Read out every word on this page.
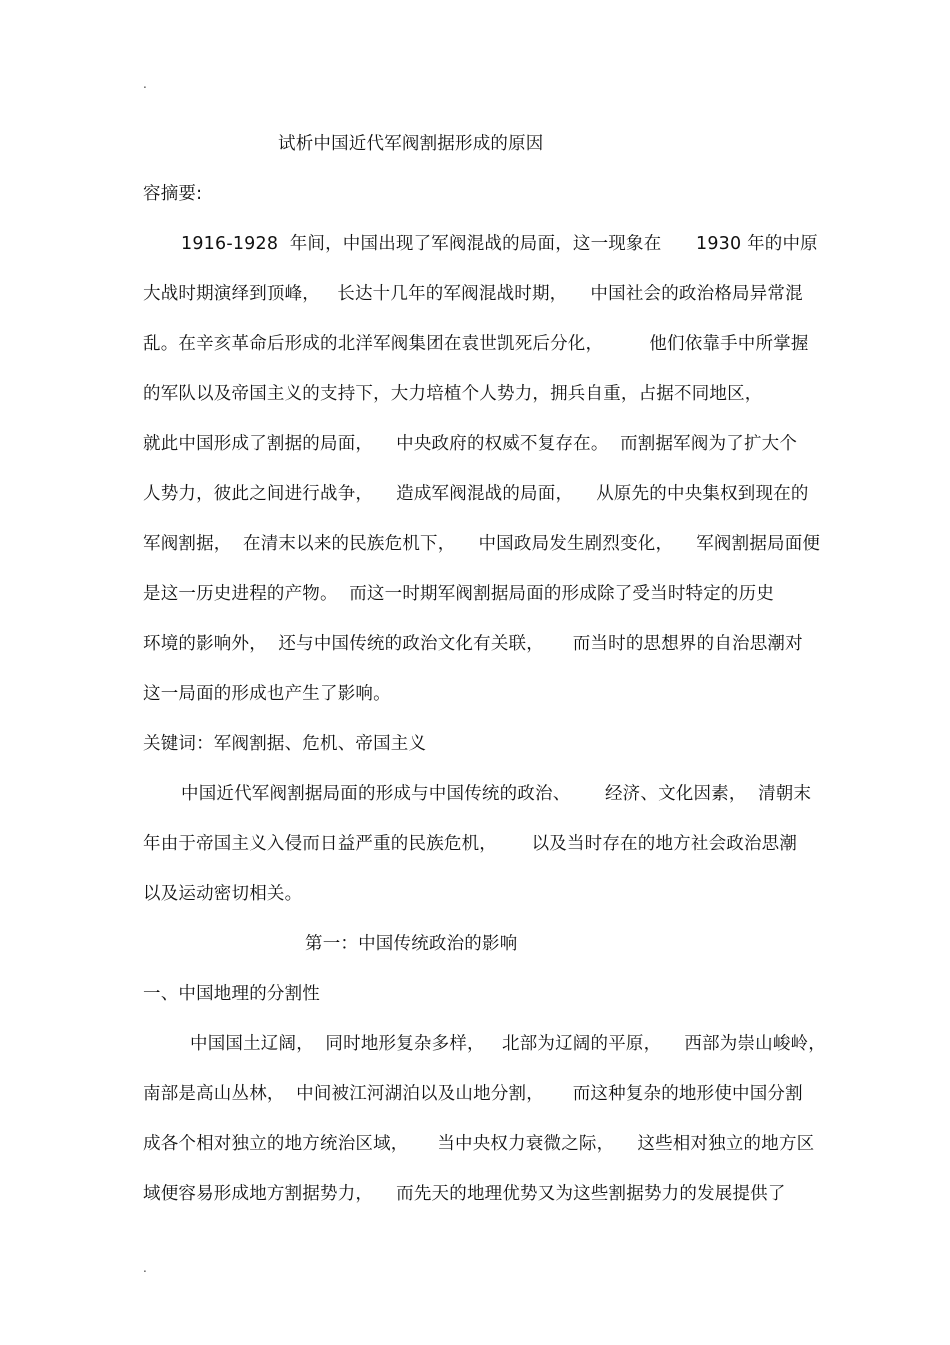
.
试析中国近代军阀割据形成的原因
容摘要:
1916-1928  年间，中国出现了军阀混战的局面，这一现象在      1930 年的中原
大战时期演绎到顶峰，   长达十几年的军阀混战时期，    中国社会的政治格局异常混
乱。在辛亥革命后形成的北洋军阀集团在袁世凯死后分化，        他们依靠手中所掌握
的军队以及帝国主义的支持下，大力培植个人势力，拥兵自重，占据不同地区，
就此中国形成了割据的局面，    中央政府的权威不复存在。  而割据军阀为了扩大个
人势力，彼此之间进行战争，    造成军阀混战的局面，    从原先的中央集权到现在的
军阀割据，  在清末以来的民族危机下，    中国政局发生剧烈变化，    军阀割据局面便
是这一历史进程的产物。  而这一时期军阀割据局面的形成除了受当时特定的历史
环境的影响外，  还与中国传统的政治文化有关联，     而当时的思想界的自治思潮对
这一局面的形成也产生了影响。
关键词：军阀割据、危机、帝国主义
中国近代军阀割据局面的形成与中国传统的政治、      经济、文化因素，  清朝末
年由于帝国主义入侵而日益严重的民族危机，      以及当时存在的地方社会政治思潮
以及运动密切相关。
第一：中国传统政治的影响
一、中国地理的分割性
中国国土辽阔，  同时地形复杂多样，   北部为辽阔的平原，    西部为崇山峻岭，
南部是高山丛林，  中间被江河湖泊以及山地分割，     而这种复杂的地形使中国分割
成各个相对独立的地方统治区域，     当中央权力衰微之际，    这些相对独立的地方区
域便容易形成地方割据势力，    而先天的地理优势又为这些割据势力的发展提供了
.
